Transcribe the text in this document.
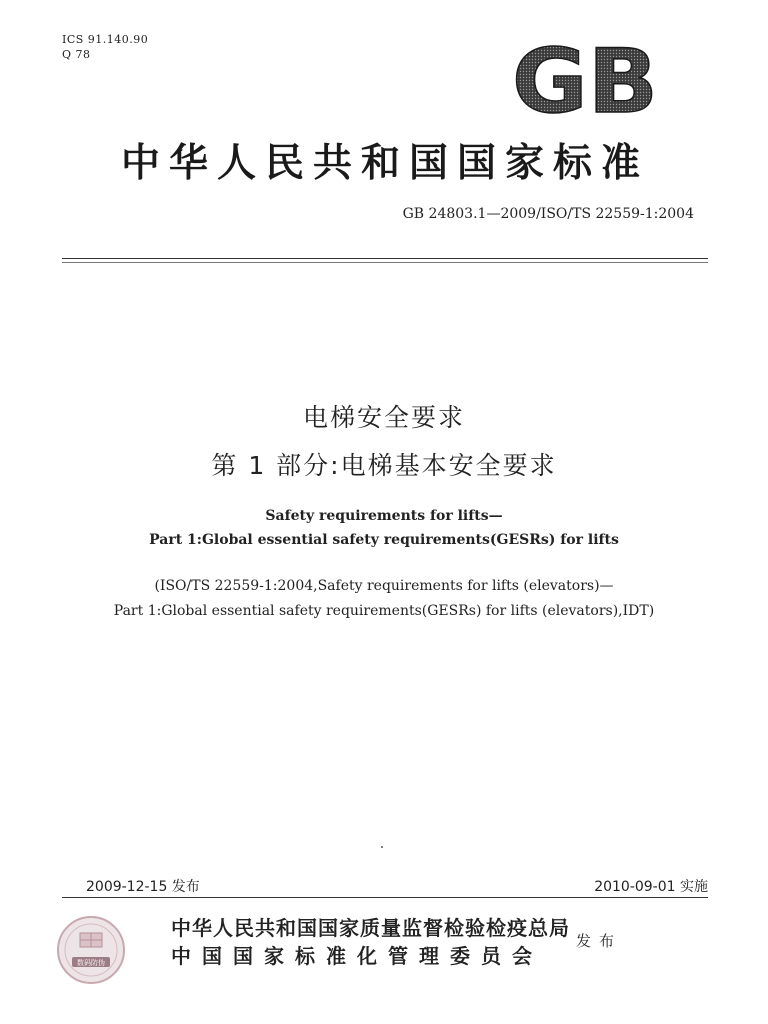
ICS 91.140.90
Q 78	GB
中华人民共和国国家标准
GB 24803.1—2009/ISO/TS 22559-1:2004
电梯安全要求
第 1 部分:电梯基本安全要求
Safety requirements for lifts—
Part 1:Global essential safety requirements(GESRs) for lifts
(ISO/TS 22559-1:2004,Safety requirements for lifts (elevators)—
Part 1:Global essential safety requirements(GESRs) for lifts (elevators),IDT)
2009-12-15 发布	2010-09-01 实施
数码防伪
中华人民共和国国家质量监督检验检疫总局
中国国家标准化管理委员会
发布
